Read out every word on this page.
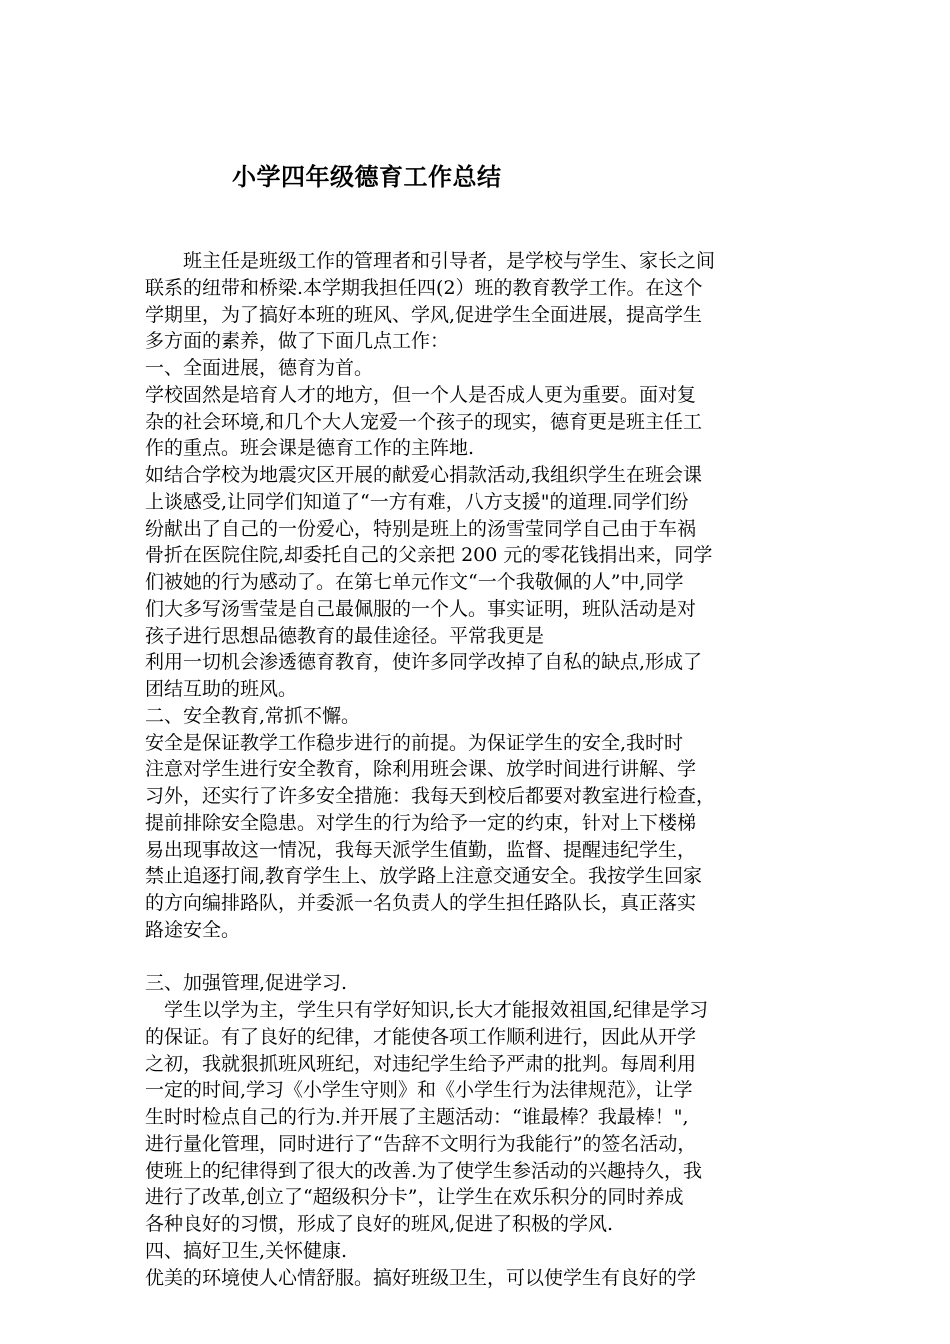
小学四年级德育工作总结
　　班主任是班级工作的管理者和引导者，是学校与学生、家长之间
联系的纽带和桥梁.本学期我担任四(2）班的教育教学工作。在这个
学期里，为了搞好本班的班风、学风,促进学生全面进展，提高学生
多方面的素养，做了下面几点工作：
一、全面进展，德育为首。
学校固然是培育人才的地方，但一个人是否成人更为重要。面对复
杂的社会环境,和几个大人宠爱一个孩子的现实，德育更是班主任工
作的重点。班会课是德育工作的主阵地.
如结合学校为地震灾区开展的献爱心捐款活动,我组织学生在班会课
上谈感受,让同学们知道了“一方有难，八方支援"的道理.同学们纷
纷献出了自己的一份爱心，特别是班上的汤雪莹同学自己由于车祸
骨折在医院住院,却委托自己的父亲把 200 元的零花钱捐出来，同学
们被她的行为感动了。在第七单元作文“一个我敬佩的人”中,同学
们大多写汤雪莹是自己最佩服的一个人。事实证明，班队活动是对
孩子进行思想品德教育的最佳途径。平常我更是
利用一切机会渗透德育教育，使许多同学改掉了自私的缺点,形成了
团结互助的班风。
二、安全教育,常抓不懈。
安全是保证教学工作稳步进行的前提。为保证学生的安全,我时时
注意对学生进行安全教育，除利用班会课、放学时间进行讲解、学
习外，还实行了许多安全措施：我每天到校后都要对教室进行检查，
提前排除安全隐患。对学生的行为给予一定的约束，针对上下楼梯
易出现事故这一情况，我每天派学生值勤，监督、提醒违纪学生，
禁止追逐打闹,教育学生上、放学路上注意交通安全。我按学生回家
的方向编排路队，并委派一名负责人的学生担任路队长，真正落实
路途安全。
三、加强管理,促进学习.
　学生以学为主，学生只有学好知识,长大才能报效祖国,纪律是学习
的保证。有了良好的纪律，才能使各项工作顺利进行，因此从开学
之初，我就狠抓班风班纪，对违纪学生给予严肃的批判。每周利用
一定的时间,学习《小学生守则》和《小学生行为法律规范》，让学
生时时检点自己的行为.并开展了主题活动：“谁最棒？我最棒！",
进行量化管理，同时进行了“告辞不文明行为我能行”的签名活动，
使班上的纪律得到了很大的改善.为了使学生参活动的兴趣持久，我
进行了改革,创立了“超级积分卡”，让学生在欢乐积分的同时养成
各种良好的习惯，形成了良好的班风,促进了积极的学风.
四、搞好卫生,关怀健康.
优美的环境使人心情舒服。搞好班级卫生，可以使学生有良好的学
